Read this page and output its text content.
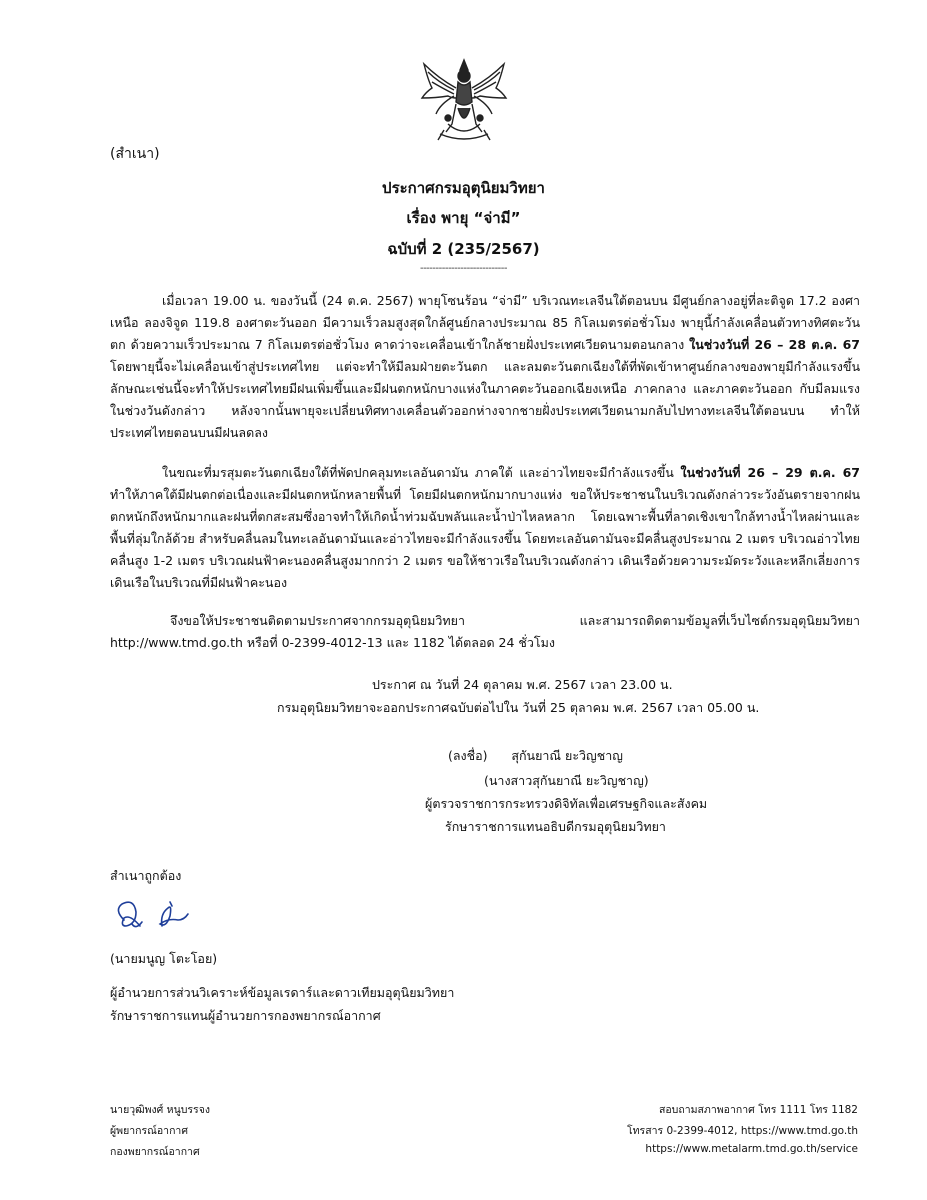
(สำเนา)
ประกาศกรมอุตุนิยมวิทยา
เรื่อง พายุ “จ่ามี”
ฉบับที่ 2 (235/2567)
----------------------------
เมื่อเวลา 19.00 น. ของวันนี้ (24 ต.ค. 2567) พายุโซนร้อน “จ่ามี” บริเวณทะเลจีนใต้ตอนบน มีศูนย์กลางอยู่ที่ละติจูด 17.2 องศาเหนือ ลองจิจูด 119.8 องศาตะวันออก มีความเร็วลมสูงสุดใกล้ศูนย์กลางประมาณ 85 กิโลเมตรต่อชั่วโมง พายุนี้กำลังเคลื่อนตัวทางทิศตะวันตก ด้วยความเร็วประมาณ 7 กิโลเมตรต่อชั่วโมง คาดว่าจะเคลื่อนเข้าใกล้ชายฝั่งประเทศเวียดนามตอนกลาง ในช่วงวันที่ 26 – 28 ต.ค. 67 โดยพายุนี้จะไม่เคลื่อนเข้าสู่ประเทศไทย แต่จะทำให้มีลมฝ่ายตะวันตก และลมตะวันตกเฉียงใต้ที่พัดเข้าหาศูนย์กลางของพายุมีกำลังแรงขึ้น ลักษณะเช่นนี้จะทำให้ประเทศไทยมีฝนเพิ่มขึ้นและมีฝนตกหนักบางแห่งในภาคตะวันออกเฉียงเหนือ ภาคกลาง และภาคตะวันออก กับมีลมแรงในช่วงวันดังกล่าว หลังจากนั้นพายุจะเปลี่ยนทิศทางเคลื่อนตัวออกห่างจากชายฝั่งประเทศเวียดนามกลับไปทางทะเลจีนใต้ตอนบน ทำให้ประเทศไทยตอนบนมีฝนลดลง
ในขณะที่มรสุมตะวันตกเฉียงใต้ที่พัดปกคลุมทะเลอันดามัน ภาคใต้ และอ่าวไทยจะมีกำลังแรงขึ้น ในช่วงวันที่ 26 – 29 ต.ค. 67 ทำให้ภาคใต้มีฝนตกต่อเนื่องและมีฝนตกหนักหลายพื้นที่ โดยมีฝนตกหนักมากบางแห่ง ขอให้ประชาชนในบริเวณดังกล่าวระวังอันตรายจากฝนตกหนักถึงหนักมากและฝนที่ตกสะสมซึ่งอาจทำให้เกิดน้ำท่วมฉับพลันและน้ำป่าไหลหลาก โดยเฉพาะพื้นที่ลาดเชิงเขาใกล้ทางน้ำไหลผ่านและพื้นที่ลุ่มใกล้ด้วย สำหรับคลื่นลมในทะเลอันดามันและอ่าวไทยจะมีกำลังแรงขึ้น โดยทะเลอันดามันจะมีคลื่นสูงประมาณ 2 เมตร บริเวณอ่าวไทยคลื่นสูง 1-2 เมตร บริเวณฝนฟ้าคะนองคลื่นสูงมากกว่า 2 เมตร ขอให้ชาวเรือในบริเวณดังกล่าว เดินเรือด้วยความระมัดระวังและหลีกเลี่ยงการเดินเรือในบริเวณที่มีฝนฟ้าคะนอง
จึงขอให้ประชาชนติดตามประกาศจากกรมอุตุนิยมวิทยา และสามารถติดตามข้อมูลที่เว็บไซต์กรมอุตุนิยมวิทยา http://www.tmd.go.th หรือที่ 0-2399-4012-13 และ 1182 ได้ตลอด 24 ชั่วโมง
ประกาศ ณ วันที่ 24 ตุลาคม พ.ศ. 2567 เวลา 23.00 น.
กรมอุตุนิยมวิทยาจะออกประกาศฉบับต่อไปใน วันที่ 25 ตุลาคม พ.ศ. 2567 เวลา 05.00 น.
(ลงชื่อ)      สุกันยาณี ยะวิญชาญ
(นางสาวสุกันยาณี ยะวิญชาญ)
ผู้ตรวจราชการกระทรวงดิจิทัลเพื่อเศรษฐกิจและสังคม
รักษาราชการแทนอธิบดีกรมอุตุนิยมวิทยา
สำเนาถูกต้อง
(นายมนูญ โตะโอย)
ผู้อำนวยการส่วนวิเคราะห์ข้อมูลเรดาร์และดาวเทียมอุตุนิยมวิทยา
รักษาราชการแทนผู้อำนวยการกองพยากรณ์อากาศ
นายวุฒิพงศ์ หนูบรรจง
ผู้พยากรณ์อากาศ
กองพยากรณ์อากาศ
สอบถามสภาพอากาศ โทร 1111 โทร 1182
โทรสาร 0-2399-4012, https://www.tmd.go.th
https://www.metalarm.tmd.go.th/service
